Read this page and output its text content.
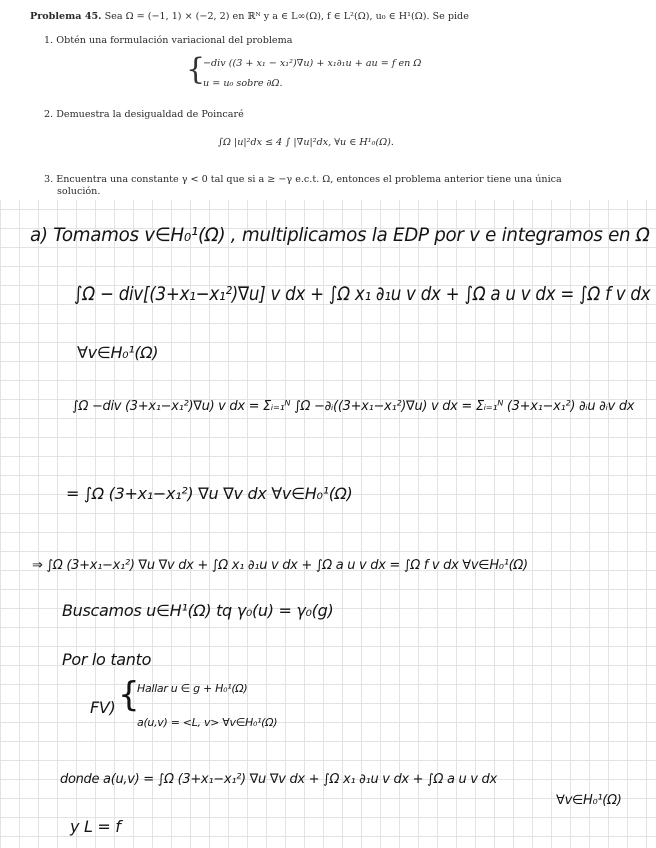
Problema 45. Sea Ω = (−1, 1) × (−2, 2) en ℝᴺ y a ∈ L∞(Ω), f ∈ L²(Ω), u₀ ∈ H¹(Ω). Se pide
1. Obtén una formulación variacional del problema
{
−div ((3 + x₁ − x₁²)∇u) + x₁∂₁u + au = f en Ω
u = u₀ sobre ∂Ω.
2. Demuestra la desigualdad de Poincaré
∫Ω |u|²dx ≤ 4 ∫ |∇u|²dx, ∀u ∈ H¹₀(Ω).
3. Encuentra una constante γ < 0 tal que si a ≥ −γ e.c.t. Ω, entonces el problema anterior tiene una única
solución.
a) Tomamos v∈H₀¹(Ω) , multiplicamos la EDP por v e integramos en Ω
∫Ω − div[(3+x₁−x₁²)∇u] v dx + ∫Ω x₁ ∂₁u v dx + ∫Ω a u v dx = ∫Ω f v dx
∀v∈H₀¹(Ω)
∫Ω −div (3+x₁−x₁²)∇u) v dx = Σᵢ₌₁ᴺ ∫Ω −∂ᵢ((3+x₁−x₁²)∇u) v dx = Σᵢ₌₁ᴺ (3+x₁−x₁²) ∂ᵢu ∂ᵢv dx
= ∫Ω (3+x₁−x₁²) ∇u ∇v dx ∀v∈H₀¹(Ω)
⇒ ∫Ω (3+x₁−x₁²) ∇u ∇v dx + ∫Ω x₁ ∂₁u v dx + ∫Ω a u v dx = ∫Ω f v dx ∀v∈H₀¹(Ω)
Buscamos u∈H¹(Ω) tq γ₀(u) = γ₀(g)
Por lo tanto
FV) {
Hallar u ∈ g + H₀¹(Ω)
a(u,v) = <L, v> ∀v∈H₀¹(Ω)
donde a(u,v) = ∫Ω (3+x₁−x₁²) ∇u ∇v dx + ∫Ω x₁ ∂₁u v dx + ∫Ω a u v dx
∀v∈H₀¹(Ω)
y L = f
